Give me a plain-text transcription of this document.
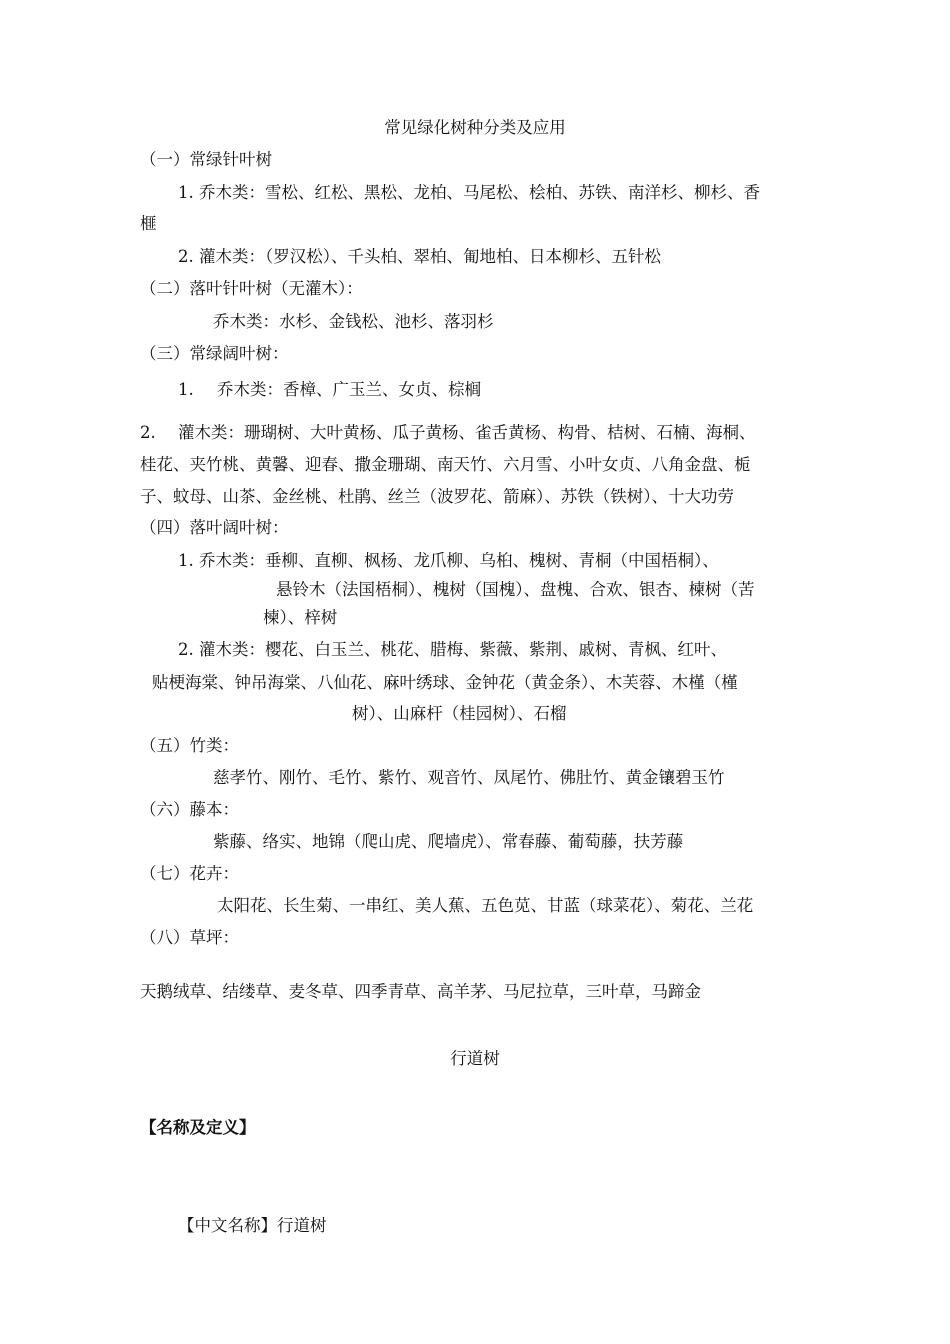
常见绿化树种分类及应用
（一）常绿针叶树
1. 乔木类：雪松、红松、黑松、龙柏、马尾松、桧柏、苏铁、南洋杉、柳杉、香
榧
2. 灌木类：（罗汉松）、千头柏、翠柏、匍地柏、日本柳杉、五针松
（二）落叶针叶树（无灌木）：
乔木类：水杉、金钱松、池杉、落羽杉
（三）常绿阔叶树：
1. 乔木类：香樟、广玉兰、女贞、棕榈
2. 灌木类：珊瑚树、大叶黄杨、瓜子黄杨、雀舌黄杨、构骨、桔树、石楠、海桐、
桂花、夹竹桃、黄馨、迎春、撒金珊瑚、南天竹、六月雪、小叶女贞、八角金盘、栀
子、蚊母、山茶、金丝桃、杜鹃、丝兰（波罗花、箭麻）、苏铁（铁树）、十大功劳
（四）落叶阔叶树：
1. 乔木类：垂柳、直柳、枫杨、龙爪柳、乌桕、槐树、青桐（中国梧桐）、
悬铃木（法国梧桐）、槐树（国槐）、盘槐、合欢、银杏、楝树（苦
楝）、梓树
2. 灌木类：樱花、白玉兰、桃花、腊梅、紫薇、紫荆、戚树、青枫、红叶、
贴梗海棠、钟吊海棠、八仙花、麻叶绣球、金钟花（黄金条）、木芙蓉、木槿（槿
树）、山麻杆（桂园树）、石榴
（五）竹类：
慈孝竹、刚竹、毛竹、紫竹、观音竹、凤尾竹、佛肚竹、黄金镶碧玉竹
（六）藤本：
紫藤、络实、地锦（爬山虎、爬墙虎）、常春藤、葡萄藤，扶芳藤
（七）花卉：
太阳花、长生菊、一串红、美人蕉、五色苋、甘蓝（球菜花）、菊花、兰花
（八）草坪：
天鹅绒草、结缕草、麦冬草、四季青草、高羊茅、马尼拉草，三叶草，马蹄金
行道树
【名称及定义】
【中文名称】行道树
